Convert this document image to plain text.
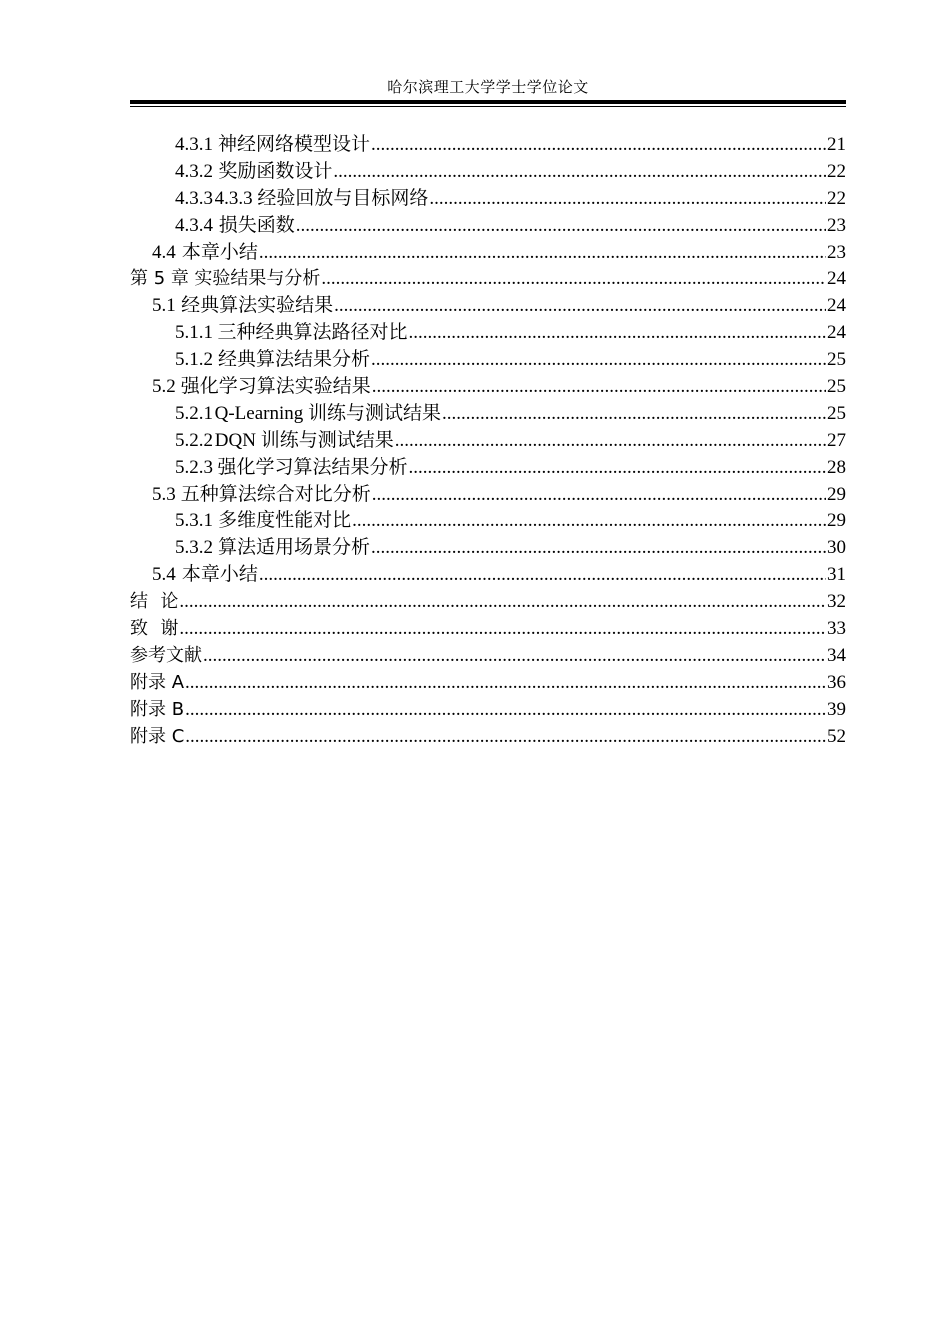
哈尔滨理工大学学士学位论文
4.3.1 神经网络模型设计 .....	21
4.3.2 奖励函数设计 .....	22
4.3.3 4.3.3 经验回放与目标网络 .....	22
4.3.4 损失函数 .....	23
4.4 本章小结 .....	23
第 5 章 实验结果与分析 .....	24
5.1 经典算法实验结果 .....	24
5.1.1 三种经典算法路径对比 .....	24
5.1.2 经典算法结果分析 .....	25
5.2 强化学习算法实验结果 .....	25
5.2.1 Q-Learning 训练与测试结果 .....	25
5.2.2 DQN 训练与测试结果 .....	27
5.2.3 强化学习算法结果分析 .....	28
5.3 五种算法综合对比分析 .....	29
5.3.1 多维度性能对比 .....	29
5.3.2 算法适用场景分析 .....	30
5.4 本章小结 .....	31
结 论 .....	32
致 谢 .....	33
参考文献 .....	34
附录 A .....	36
附录 B .....	39
附录 C .....	52
